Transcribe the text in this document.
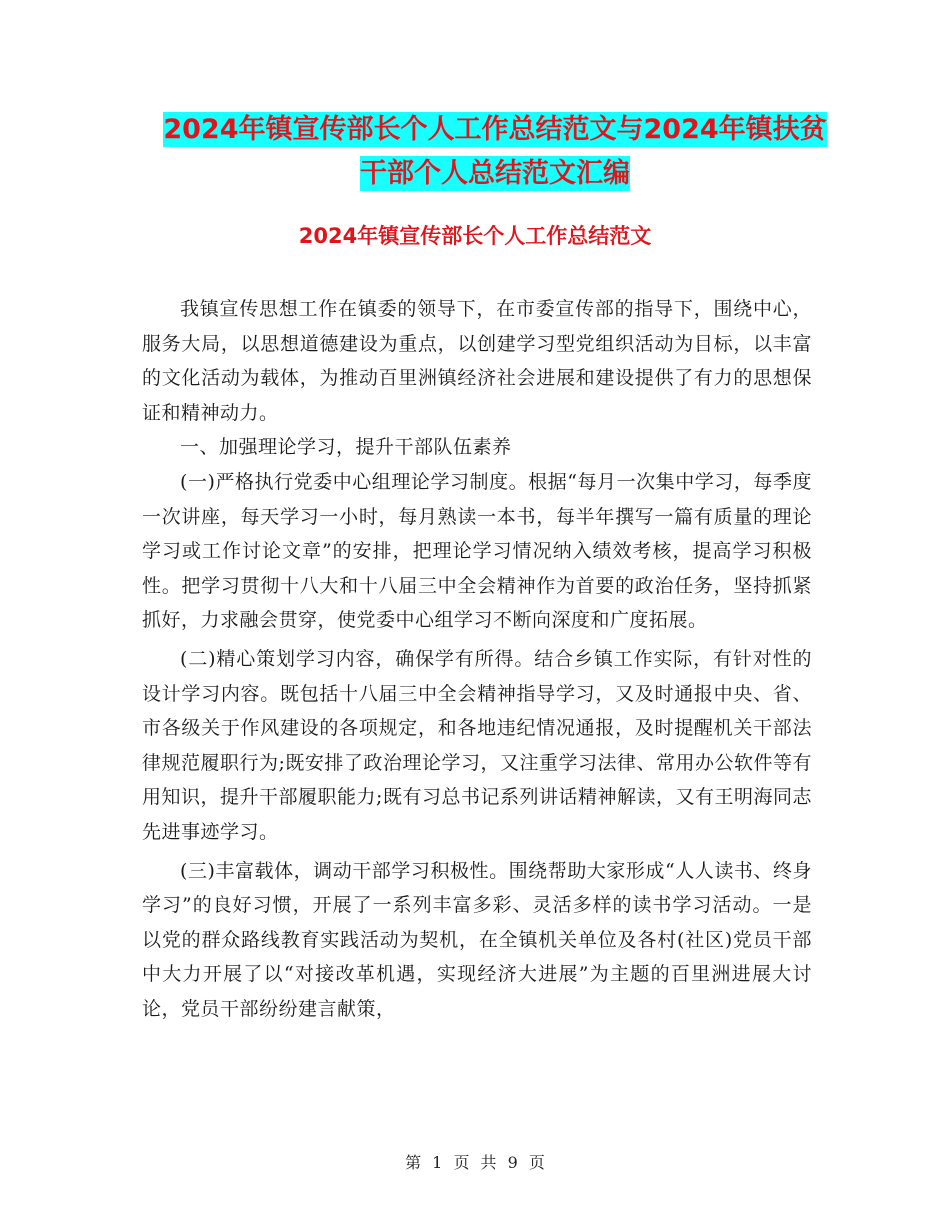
2024年镇宣传部长个人工作总结范文与2024年镇扶贫
干部个人总结范文汇编
2024年镇宣传部长个人工作总结范文

我镇宣传思想工作在镇委的领导下，在市委宣传部的指导下，围绕中心，服务大局，以思想道德建设为重点，以创建学习型党组织活动为目标，以丰富的文化活动为载体，为推动百里洲镇经济社会进展和建设提供了有力的思想保证和精神动力。

一、加强理论学习，提升干部队伍素养

(一)严格执行党委中心组理论学习制度。根据“每月一次集中学习，每季度一次讲座，每天学习一小时，每月熟读一本书，每半年撰写一篇有质量的理论学习或工作讨论文章”的安排，把理论学习情况纳入绩效考核，提高学习积极性。把学习贯彻十八大和十八届三中全会精神作为首要的政治任务，坚持抓紧抓好，力求融会贯穿，使党委中心组学习不断向深度和广度拓展。

(二)精心策划学习内容，确保学有所得。结合乡镇工作实际，有针对性的设计学习内容。既包括十八届三中全会精神指导学习，又及时通报中央、省、市各级关于作风建设的各项规定，和各地违纪情况通报，及时提醒机关干部法律规范履职行为;既安排了政治理论学习，又注重学习法律、常用办公软件等有用知识，提升干部履职能力;既有习总书记系列讲话精神解读，又有王明海同志先进事迹学习。

(三)丰富载体，调动干部学习积极性。围绕帮助大家形成“人人读书、终身学习”的良好习惯，开展了一系列丰富多彩、灵活多样的读书学习活动。一是以党的群众路线教育实践活动为契机，在全镇机关单位及各村(社区)党员干部中大力开展了以“对接改革机遇，实现经济大进展”为主题的百里洲进展大讨论，党员干部纷纷建言献策，

第 1 页 共 9 页
